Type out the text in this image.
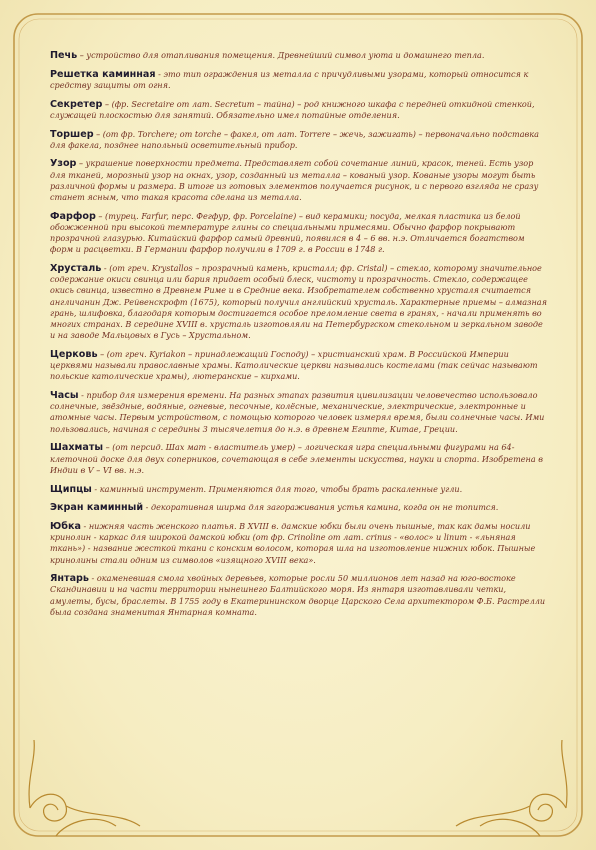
Печь – устройство для отапливания помещения. Древнейший символ уюта и домашнего тепла.

Решетка каминная - это тип ограждения из металла с причудливыми узорами, который относится к средству защиты от огня.

Секретер – (фр. Secretaire от лат. Secretum – тайна) – род книжного шкафа с передней откидной стенкой, служащей плоскостью для занятий. Обязательно имел потайные отделения.

Торшер – (от фр. Torchere; от torche – факел, от лат. Torrere – жечь, зажигать) – первоначально подставка для факела, позднее напольный осветительный прибор.

Узор – украшение поверхности предмета. Представляет собой сочетание линий, красок, теней. Есть узор для тканей, морозный узор на окнах, узор, созданный из металла – кованый узор. Кованые узоры могут быть различной формы и размера. В итоге из готовых элементов получается рисунок, и с первого взгляда не сразу станет ясным, что такая красота сделана из металла.

Фарфор – (турец. Farfur, перс. Фегфур, фр. Porcelaine) – вид керамики; посуда, мелкая пластика из белой обожженной при высокой температуре глины со специальными примесями. Обычно фарфор покрывают прозрачной глазурью. Китайский фарфор самый древний, появился в 4 – 6 вв. н.э. Отличается богатством форм и расцветки. В Германии фарфор получили в 1709 г. в России в 1748 г.

Хрусталь - (от греч. Krystallos – прозрачный камень, кристалл; фр. Cristal) – стекло, которому значительное содержание окиси свинца или бария придает особый блеск, чистоту и прозрачность. Стекло, содержащее окись свинца, известно в Древнем Риме и в Средние века. Изобретателем собственно хрусталя считается англичанин Дж. Рейвенскрофт (1675), который получил английский хрусталь. Характерные приемы – алмазная грань, шлифовка, благодаря которым достигается особое преломление света в гранях, - начали применять во многих странах. В середине XVIII в. хрусталь изготовляли на Петербургском стекольном и зеркальном заводе и на заводе Мальцовых в Гусь – Хрустальном.

Церковь – (от греч. Kyriakon – принадлежащий Господу) – христианский храм. В Российской Империи церквями называли православные храмы. Католические церкви назывались костелами (так сейчас называют польские католические храмы), лютеранские – кирхами.

Часы - прибор для измерения времени. На разных этапах развития цивилизации человечество использовало солнечные, звёздные, водяные, огневые, песочные, колёсные, механические, электрические, электронные и атомные часы. Первым устройством, с помощью которого человек измерял время, были солнечные часы. Ими пользовались, начиная с середины 3 тысячелетия до н.э. в древнем Египте, Китае, Греции.

Шахматы – (от персид. Шах мат - властитель умер) – логическая игра специальными фигурами на 64-клеточной доске для двух соперников, сочетающая в себе элементы искусства, науки и спорта. Изобретена в Индии в V – VI вв. н.э.

Щипцы - каминный инструмент. Применяются для того, чтобы брать раскаленные угли.

Экран каминный - декоративная ширма для загораживания устья камина, когда он не топится.

Юбка - нижняя часть женского платья. В XVIII в. дамские юбки были очень пышные, так как дамы носили кринолин - каркас для широкой дамской юбки (от фр. Crinoline от лат. crinus - «волос» и linum - «льняная ткань») - название жесткой ткани с конским волосом, которая шла на изготовление нижних юбок. Пышные кринолины стали одним из символов «изящного XVIII века».

Янтарь - окаменевшая смола хвойных деревьев, которые росли 50 миллионов лет назад на юго-востоке Скандинавии и на части территории нынешнего Балтийского моря. Из янтаря изготавливали четки, амулеты, бусы, браслеты. В 1755 году в Екатерининском дворце Царского Села архитектором Ф.Б. Растрелли была создана знаменитая Янтарная комната.
